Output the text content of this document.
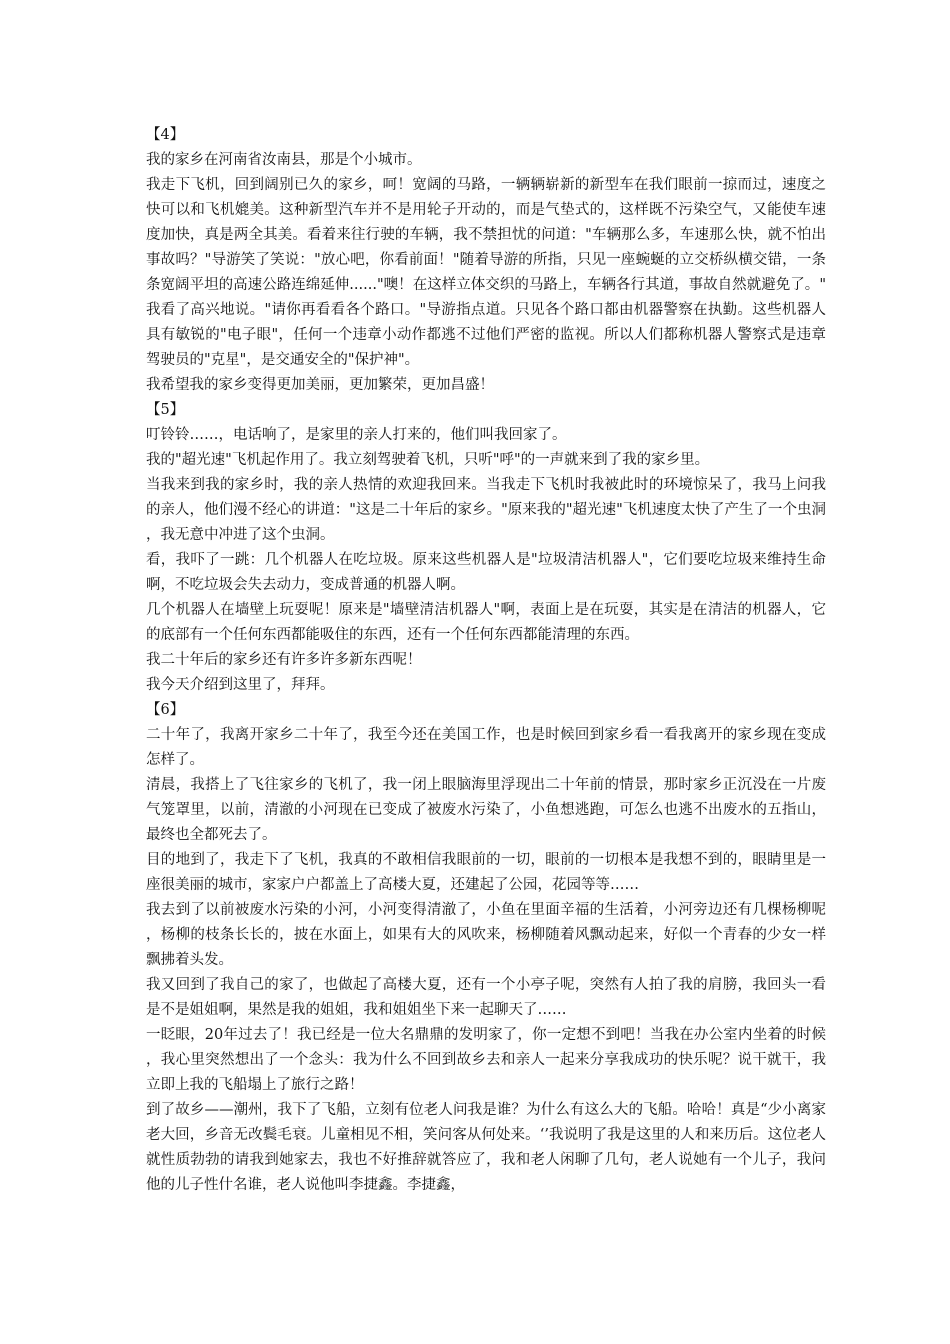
【4】

我的家乡在河南省汝南县，那是个小城市。

我走下飞机，回到阔别已久的家乡，呵！宽阔的马路，一辆辆崭新的新型车在我们眼前一掠而过，速度之快可以和飞机媲美。这种新型汽车并不是用轮子开动的，而是气垫式的，这样既不污染空气，又能使车速度加快，真是两全其美。看着来往行驶的车辆，我不禁担忧的问道："车辆那么多，车速那么快，就不怕出事故吗？"导游笑了笑说："放心吧，你看前面！"随着导游的所指，只见一座蜿蜒的立交桥纵横交错，一条条宽阔平坦的高速公路连绵延伸......"噢！在这样立体交织的马路上，车辆各行其道，事故自然就避免了。"我看了高兴地说。"请你再看看各个路口。"导游指点道。只见各个路口都由机器警察在执勤。这些机器人具有敏锐的"电子眼"，任何一个违章小动作都逃不过他们严密的监视。所以人们都称机器人警察式是违章驾驶员的"克星"，是交通安全的"保护神"。

我希望我的家乡变得更加美丽，更加繁荣，更加昌盛！

【5】

叮铃铃……，电话响了，是家里的亲人打来的，他们叫我回家了。

我的"超光速"飞机起作用了。我立刻驾驶着飞机，只听"呼"的一声就来到了我的家乡里。

当我来到我的家乡时，我的亲人热情的欢迎我回来。当我走下飞机时我被此时的环境惊呆了，我马上问我的亲人，他们漫不经心的讲道："这是二十年后的家乡。"原来我的"超光速"飞机速度太快了产生了一个虫洞，我无意中冲进了这个虫洞。

看，我吓了一跳：几个机器人在吃垃圾。原来这些机器人是"垃圾清洁机器人"，它们要吃垃圾来维持生命啊，不吃垃圾会失去动力，变成普通的机器人啊。

几个机器人在墙壁上玩耍呢！原来是"墙壁清洁机器人"啊，表面上是在玩耍，其实是在清洁的机器人，它的底部有一个任何东西都能吸住的东西，还有一个任何东西都能清理的东西。

我二十年后的家乡还有许多许多新东西呢！

我今天介绍到这里了，拜拜。

【6】

二十年了，我离开家乡二十年了，我至今还在美国工作，也是时候回到家乡看一看我离开的家乡现在变成怎样了。

清晨，我搭上了飞往家乡的飞机了，我一闭上眼脑海里浮现出二十年前的情景，那时家乡正沉没在一片废气笼罩里，以前，清澈的小河现在已变成了被废水污染了，小鱼想逃跑，可怎么也逃不出废水的五指山，最终也全都死去了。

目的地到了，我走下了飞机，我真的不敢相信我眼前的一切，眼前的一切根本是我想不到的，眼睛里是一座很美丽的城市，家家户户都盖上了高楼大夏，还建起了公园，花园等等……

我去到了以前被废水污染的小河，小河变得清澈了，小鱼在里面辛福的生活着，小河旁边还有几棵杨柳呢，杨柳的枝条长长的，披在水面上，如果有大的风吹来，杨柳随着风飘动起来，好似一个青春的少女一样飘拂着头发。

我又回到了我自己的家了，也做起了高楼大夏，还有一个小亭子呢，突然有人拍了我的肩膀，我回头一看是不是姐姐啊，果然是我的姐姐，我和姐姐坐下来一起聊天了……

一眨眼，20年过去了！我已经是一位大名鼎鼎的发明家了，你一定想不到吧！当我在办公室内坐着的时候，我心里突然想出了一个念头：我为什么不回到故乡去和亲人一起来分享我成功的快乐呢？说干就干，我立即上我的飞船塌上了旅行之路！

到了故乡——潮州，我下了飞船，立刻有位老人问我是谁？为什么有这么大的飞船。哈哈！真是“少小离家老大回，乡音无改鬓毛衰。儿童相见不相，笑问客从何处来。‘’我说明了我是这里的人和来历后。这位老人就性质勃勃的请我到她家去，我也不好推辞就答应了，我和老人闲聊了几句，老人说她有一个儿子，我问他的儿子性什名谁，老人说他叫李捷鑫。李捷鑫，
